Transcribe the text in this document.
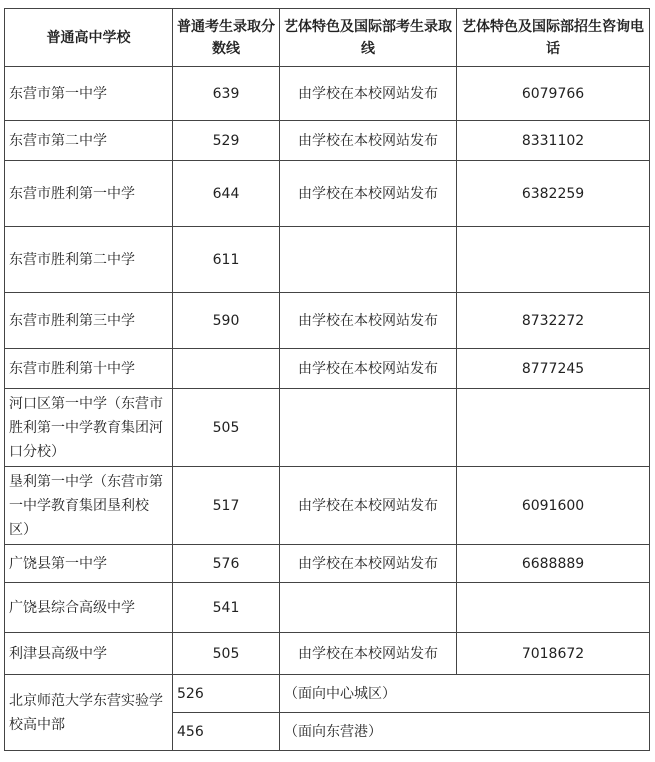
普通高中学校	普通考生录取分数线	艺体特色及国际部考生录取线	艺体特色及国际部招生咨询电话
东营市第一中学	639	由学校在本校网站发布	6079766
东营市第二中学	529	由学校在本校网站发布	8331102
东营市胜利第一中学	644	由学校在本校网站发布	6382259
东营市胜利第二中学	611		
东营市胜利第三中学	590	由学校在本校网站发布	8732272
东营市胜利第十中学		由学校在本校网站发布	8777245
河口区第一中学（东营市胜利第一中学教育集团河口分校）	505		
垦利第一中学（东营市第一中学教育集团垦利校区）	517	由学校在本校网站发布	6091600
广饶县第一中学	576	由学校在本校网站发布	6688889
广饶县综合高级中学	541		
利津县高级中学	505	由学校在本校网站发布	7018672
北京师范大学东营实验学校高中部	526	（面向中心城区）	
	456	（面向东营港）	
